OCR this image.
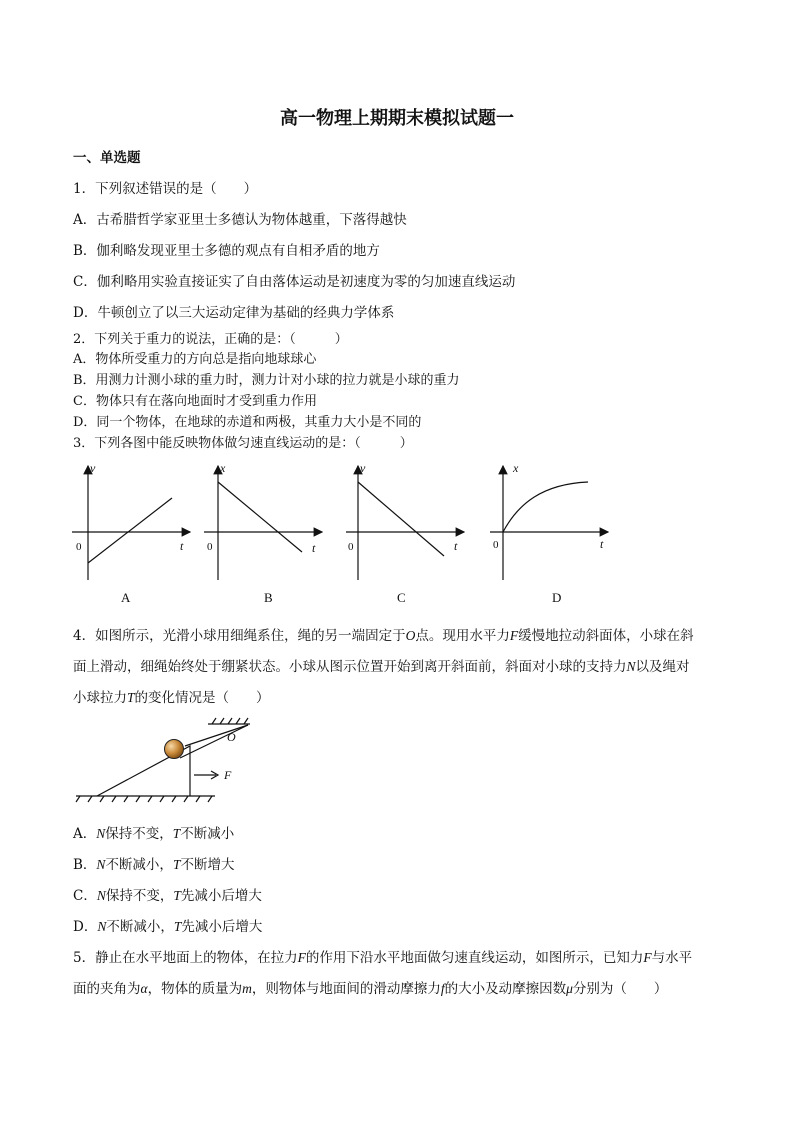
高一物理上期期末模拟试题一
一、单选题
1．下列叙述错误的是（　　）
A．古希腊哲学家亚里士多德认为物体越重，下落得越快
B．伽利略发现亚里士多德的观点有自相矛盾的地方
C．伽利略用实验直接证实了自由落体运动是初速度为零的匀加速直线运动
D．牛顿创立了以三大运动定律为基础的经典力学体系
2．下列关于重力的说法，正确的是：（　　　）
A．物体所受重力的方向总是指向地球球心
B．用测力计测小球的重力时，测力计对小球的拉力就是小球的重力
C．物体只有在落向地面时才受到重力作用
D．同一个物体，在地球的赤道和两极，其重力大小是不同的
3．下列各图中能反映物体做匀速直线运动的是：（　　　）
v
t
x
t
v
t
x
t
0	0	0	0
A	B	C	D
4．如图所示，光滑小球用细绳系住，绳的另一端固定于O点。现用水平力F缓慢地拉动斜面体，小球在斜
面上滑动，细绳始终处于绷紧状态。小球从图示位置开始到离开斜面前，斜面对小球的支持力N以及绳对
小球拉力T的变化情况是（　　）
O
F
A．N保持不变，T不断减小
B．N不断减小，T不断增大
C．N保持不变，T先减小后增大
D．N不断减小，T先减小后增大
5．静止在水平地面上的物体，在拉力F的作用下沿水平地面做匀速直线运动，如图所示，已知力F与水平
面的夹角为α，物体的质量为m，则物体与地面间的滑动摩擦力f的大小及动摩擦因数μ分别为（　　）
